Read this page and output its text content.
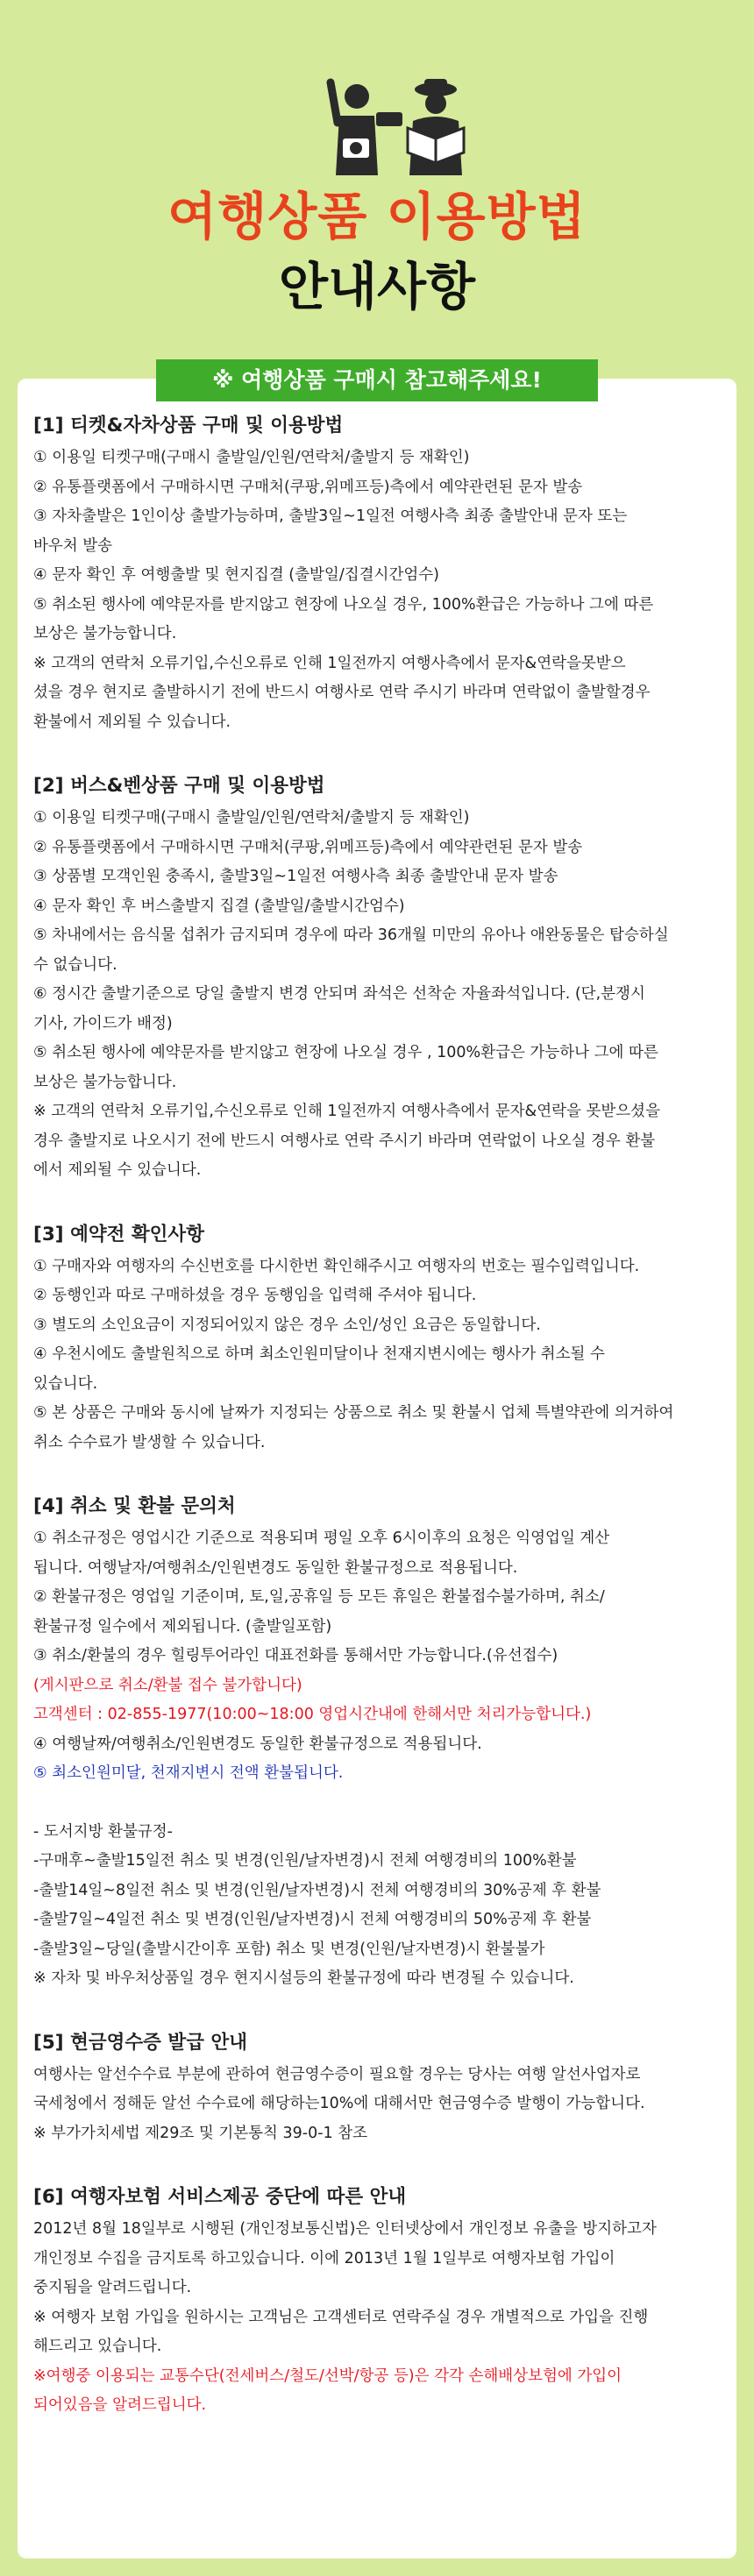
여행상품 이용방법
안내사항
※ 여행상품 구매시 참고해주세요!
[1] 티켓&자차상품 구매 및 이용방법
① 이용일 티켓구매(구매시 출발일/인원/연락처/출발지 등 재확인)
② 유통플랫폼에서 구매하시면 구매처(쿠팡,위메프등)측에서 예약관련된 문자 발송
③ 자차출발은 1인이상 출발가능하며, 출발3일~1일전 여행사측 최종 출발안내 문자 또는
바우처 발송
④ 문자 확인 후 여행출발 및 현지집결 (출발일/집결시간엄수)
⑤ 취소된 행사에 예약문자를 받지않고 현장에 나오실 경우, 100%환급은 가능하나 그에 따른
보상은 불가능합니다.
※ 고객의 연락처 오류기입,수신오류로 인해 1일전까지 여행사측에서 문자&연락을못받으
셨을 경우 현지로 출발하시기 전에 반드시 여행사로 연락 주시기 바라며 연락없이 출발할경우
환불에서 제외될 수 있습니다.
[2] 버스&벤상품 구매 및 이용방법
① 이용일 티켓구매(구매시 출발일/인원/연락처/출발지 등 재확인)
② 유통플랫폼에서 구매하시면 구매처(쿠팡,위메프등)측에서 예약관련된 문자 발송
③ 상품별 모객인원 충족시, 출발3일~1일전 여행사측 최종 출발안내 문자 발송
④ 문자 확인 후 버스출발지 집결 (출발일/출발시간엄수)
⑤ 차내에서는 음식물 섭취가 금지되며 경우에 따라 36개월 미만의 유아나 애완동물은 탑승하실
수 없습니다.
⑥ 정시간 출발기준으로 당일 출발지 변경 안되며 좌석은 선착순 자율좌석입니다. (단,분쟁시
기사, 가이드가 배정)
⑤ 취소된 행사에 예약문자를 받지않고 현장에 나오실 경우 , 100%환급은 가능하나 그에 따른
보상은 불가능합니다.
※ 고객의 연락처 오류기입,수신오류로 인해 1일전까지 여행사측에서 문자&연락을 못받으셨을
경우 출발지로 나오시기 전에 반드시 여행사로 연락 주시기 바라며 연락없이 나오실 경우 환불
에서 제외될 수 있습니다.
[3] 예약전 확인사항
① 구매자와 여행자의 수신번호를 다시한번 확인해주시고 여행자의 번호는 필수입력입니다.
② 동행인과 따로 구매하셨을 경우 동행임을 입력해 주셔야 됩니다.
③ 별도의 소인요금이 지정되어있지 않은 경우 소인/성인 요금은 동일합니다.
④ 우천시에도 출발원칙으로 하며 최소인원미달이나 천재지변시에는 행사가 취소될 수
있습니다.
⑤ 본 상품은 구매와 동시에 날짜가 지정되는 상품으로 취소 및 환불시 업체 특별약관에 의거하여
취소 수수료가 발생할 수 있습니다.
[4] 취소 및 환불 문의처
① 취소규정은 영업시간 기준으로 적용되며 평일 오후 6시이후의 요청은 익영업일 계산
됩니다. 여행날자/여행취소/인원변경도 동일한 환불규정으로 적용됩니다.
② 환불규정은 영업일 기준이며, 토,일,공휴일 등 모든 휴일은 환불접수불가하며, 취소/
환불규정 일수에서 제외됩니다. (출발일포함)
③ 취소/환불의 경우 힐링투어라인 대표전화를 통해서만 가능합니다.(유선접수)
(게시판으로 취소/환불 접수 불가합니다)
고객센터 : 02-855-1977(10:00~18:00 영업시간내에 한해서만 처리가능합니다.)
④ 여행날짜/여행취소/인원변경도 동일한 환불규정으로 적용됩니다.
⑤ 최소인원미달, 천재지변시 전액 환불됩니다.
- 도서지방 환불규정-
-구매후~출발15일전 취소 및 변경(인원/날자변경)시 전체 여행경비의 100%환불
-출발14일~8일전 취소 및 변경(인원/날자변경)시 전체 여행경비의 30%공제 후 환불
-출발7일~4일전 취소 및 변경(인원/날자변경)시 전체 여행경비의 50%공제 후 환불
-출발3일~당일(출발시간이후 포함) 취소 및 변경(인원/날자변경)시 환불불가
※ 자차 및 바우처상품일 경우 현지시설등의 환불규정에 따라 변경될 수 있습니다.
[5] 현금영수증 발급 안내
여행사는 알선수수료 부분에 관하여 현금영수증이 필요할 경우는 당사는 여행 알선사업자로
국세청에서 정해둔 알선 수수료에 해당하는10%에 대해서만 현금영수증 발행이 가능합니다.
※ 부가가치세법 제29조 및 기본통칙 39-0-1 참조
[6] 여행자보험 서비스제공 중단에 따른 안내
2012년 8월 18일부로 시행된 (개인정보통신법)은 인터넷상에서 개인정보 유출을 방지하고자
개인정보 수집을 금지토록 하고있습니다. 이에 2013년 1월 1일부로 여행자보험 가입이
중지됨을 알려드립니다.
※ 여행자 보험 가입을 원하시는 고객님은 고객센터로 연락주실 경우 개별적으로 가입을 진행
해드리고 있습니다.
※여행중 이용되는 교통수단(전세버스/철도/선박/항공 등)은 각각 손해배상보험에 가입이
되어있음을 알려드립니다.
